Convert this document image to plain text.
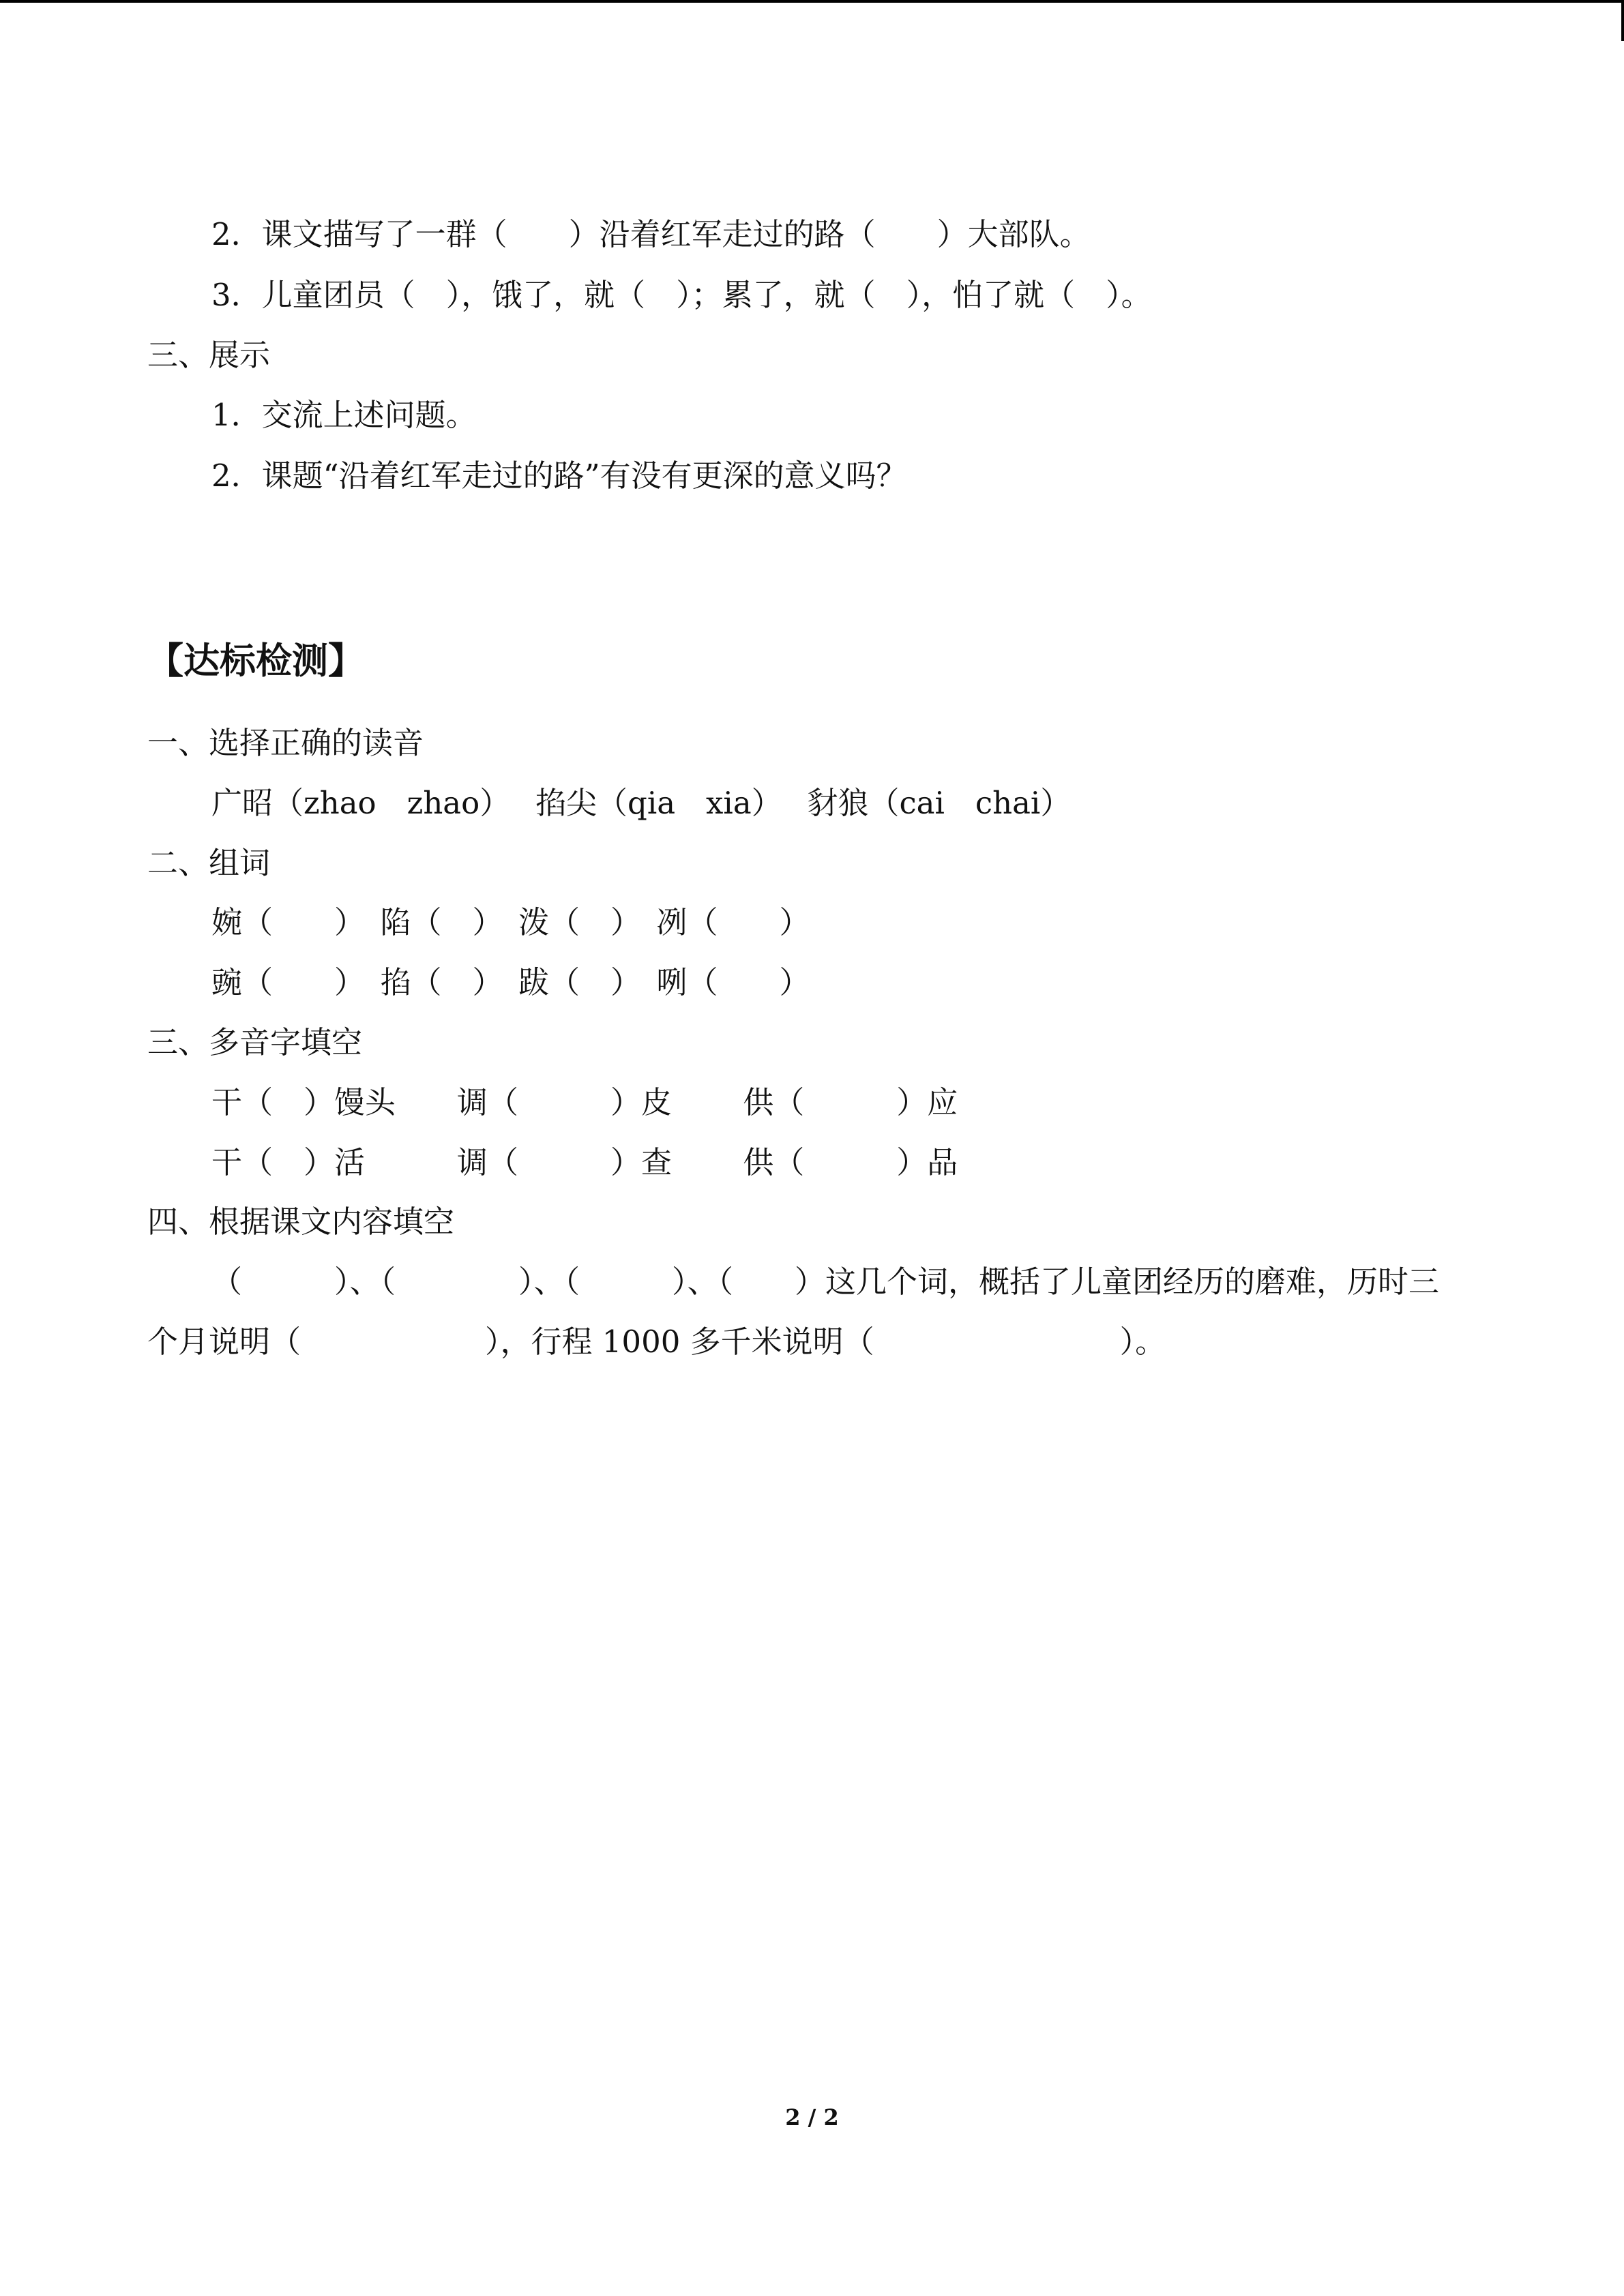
2．课文描写了一群（　　）沿着红军走过的路（　　）大部队。
3．儿童团员（　），饿了，就（　）；累了，就（　），怕了就（　）。
三、展示
1．交流上述问题。
2．课题“沿着红军走过的路”有没有更深的意义吗？
【达标检测】
一、选择正确的读音
广昭（zhao　zhao）　 掐尖（qia　xia）　 豺狼（cai　chai）
二、组词
婉（　　）　陷（　）　泼（　）　冽（　　）
豌（　　）　掐（　）　跋（　）　咧（　　）
三、多音字填空
干（　）馒头　　调（　　　）皮　　 供（　　　）应
干（　）活　　　调（　　　）查　　 供（　　　）品
四、根据课文内容填空
（　　　）、（　　　　）、（　　　）、（　　）这几个词，概括了儿童团经历的磨难，历时三
个月说明（　　　　　　），行程 1000 多千米说明（　　　　　　　　）。
2 / 2
